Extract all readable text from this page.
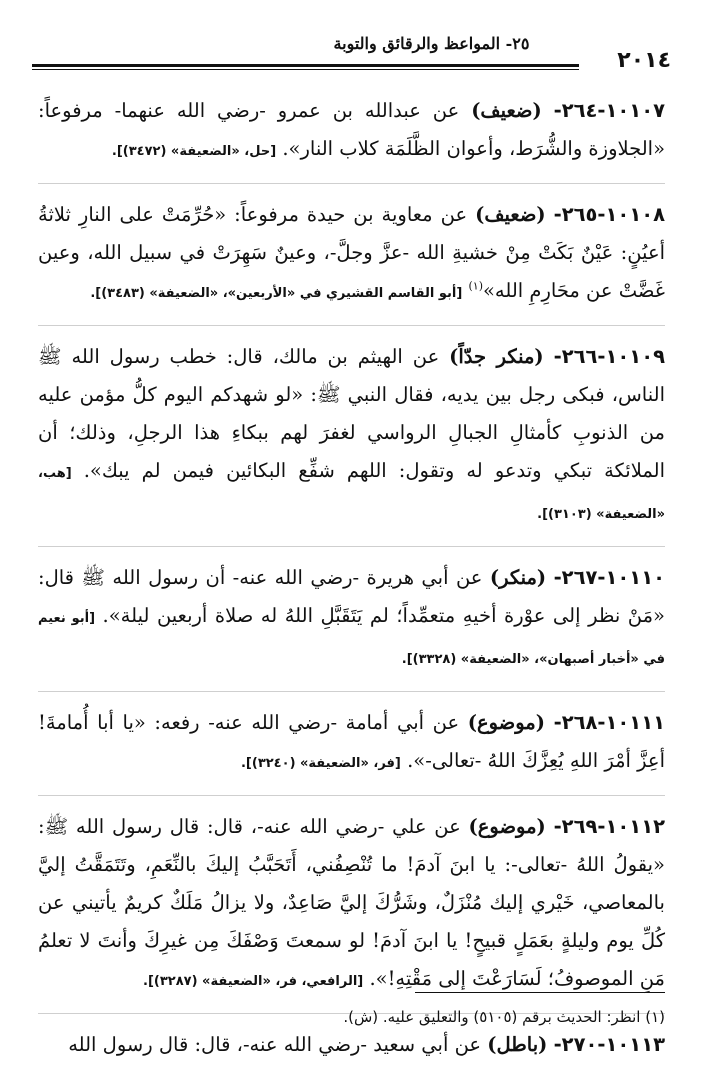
٢٥- المواعظ والرقائق والتوبة
٢٠١٤

١٠١٠٧-٢٦٤- (ضعيف) عن عبدالله بن عمرو -رضي الله عنهما- مرفوعاً: «الجلاوزة والشُّرَط، وأعوان الظَّلَمَة كلاب النار». [حل، «الضعيفة» (٣٤٧٢)].

١٠١٠٨-٢٦٥- (ضعيف) عن معاوية بن حيدة مرفوعاً: «حُرِّمَتْ على النارِ ثلاثةُ أعيُنٍ: عَيْنٌ بَكَتْ مِنْ خشيةِ الله -عزَّ وجلَّ-، وعينٌ سَهِرَتْ في سبيل الله، وعين غَضَّتْ عن محَارِمِ الله»$^{(١)}$ [أبو القاسم القشيري في «الأربعين»، «الضعيفة» (٣٤٨٣)].

١٠١٠٩-٢٦٦- (منكر جدّاً) عن الهيثم بن مالك، قال: خطب رسول الله ﷺ الناس، فبكى رجل بين يديه، فقال النبي ﷺ: «لو شهدكم اليوم كلُّ مؤمن عليه من الذنوبِ كأمثالِ الجبالِ الرواسي لغفرَ لهم ببكاءِ هذا الرجلِ، وذلك؛ أن الملائكة تبكي وتدعو له وتقول: اللهم شفِّع البكائين فيمن لم يبك». [هب، «الضعيفة» (٣١٠٣)].

١٠١١٠-٢٦٧- (منكر) عن أبي هريرة -رضي الله عنه- أن رسول الله ﷺ قال: «مَنْ نظر إلى عوْرة أخيهِ متعمِّداً؛ لم يَتَقَبَّلِ اللهُ له صلاة أربعين ليلة». [أبو نعيم في «أخبار أصبهان»، «الضعيفة» (٣٣٢٨)].

١٠١١١-٢٦٨- (موضوع) عن أبي أمامة -رضي الله عنه- رفعه: «يا أبا أُمامةَ! أعِزَّ أمْرَ اللهِ يُعِزَّكَ اللهُ -تعالى-». [فر، «الضعيفة» (٣٢٤٠)].

١٠١١٢-٢٦٩- (موضوع) عن علي -رضي الله عنه-، قال: قال رسول الله ﷺ: «يقولُ اللهُ -تعالى-: يا ابنَ آدمَ! ما تُنْصِفُني، أَتَحَبَّبُ إليكَ بالنِّعَمِ، وتَتَمَقَّتُ إليَّ بالمعاصي، خَيْري إليك مُنْزَلٌ، وشَرُّكَ إليَّ صَاعِدٌ، ولا يزالُ مَلَكٌ كريمٌ يأتيني عن كُلِّ يوم وليلةٍ بعَمَلٍ قبيحٍ! يا ابنَ آدمَ! لو سمعتَ وَصْفَكَ مِن غيرِكَ وأنتَ لا تعلمُ مَنِ الموصوفُ؛ لَسَارَعْتَ إلى مَقْتِهِ!». [الرافعي، فر، «الضعيفة» (٣٢٨٧)].

١٠١١٣-٢٧٠- (باطل) عن أبي سعيد -رضي الله عنه-، قال: قال رسول الله

(١) انظر: الحديث برقم (٥١٠٥) والتعليق عليه. (ش).
